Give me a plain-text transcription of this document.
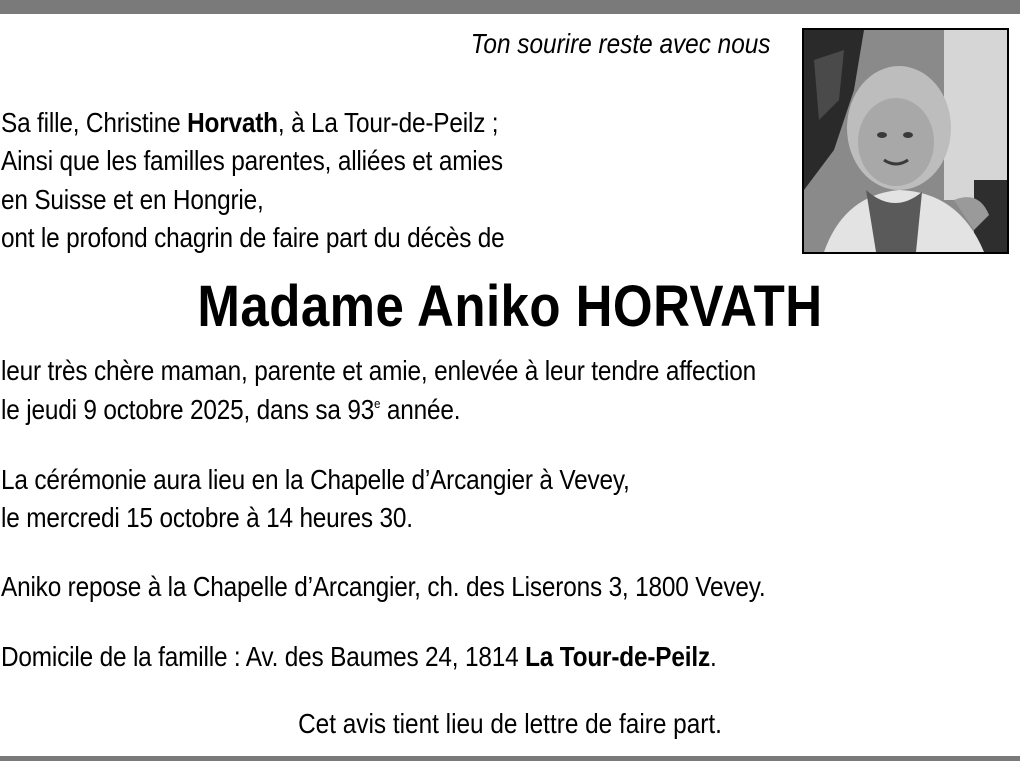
Ton sourire reste avec nous
Sa fille, Christine Horvath, à La Tour-de-Peilz ;
Ainsi que les familles parentes, alliées et amies
en Suisse et en Hongrie,
ont le profond chagrin de faire part du décès de
Madame Aniko HORVATH
leur très chère maman, parente et amie, enlevée à leur tendre affection
le jeudi 9 octobre 2025, dans sa 93e année.
La cérémonie aura lieu en la Chapelle d’Arcangier à Vevey,
le mercredi 15 octobre à 14 heures 30.
Aniko repose à la Chapelle d’Arcangier, ch. des Liserons 3, 1800 Vevey.
Domicile de la famille : Av. des Baumes 24, 1814 La Tour-de-Peilz.
Cet avis tient lieu de lettre de faire part.
